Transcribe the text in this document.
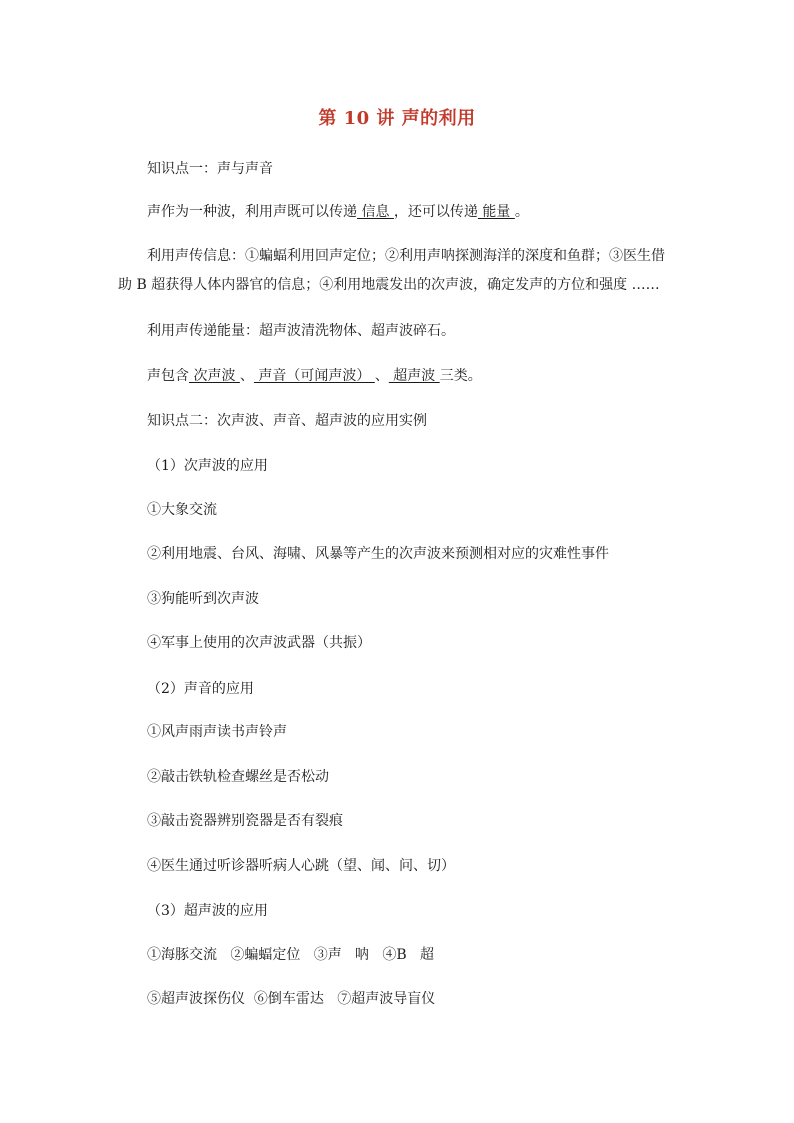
第 10 讲 声的利用
知识点一：声与声音
声作为一种波，利用声既可以传递 信息 ，还可以传递 能量 。
利用声传信息：①蝙蝠利用回声定位；②利用声呐探测海洋的深度和鱼群；③医生借助 B 超获得人体内器官的信息；④利用地震发出的次声波，确定发声的方位和强度 ……
利用声传递能量：超声波清洗物体、超声波碎石。
声包含 次声波 、 声音（可闻声波） 、 超声波 三类。
知识点二：次声波、声音、超声波的应用实例
（1）次声波的应用
①大象交流
②利用地震、台风、海啸、风暴等产生的次声波来预测相对应的灾难性事件
③狗能听到次声波
④军事上使用的次声波武器（共振）
（2）声音的应用
①风声雨声读书声铃声
②敲击铁轨检查螺丝是否松动
③敲击瓷器辨别瓷器是否有裂痕
④医生通过听诊器听病人心跳（望、闻、问、切）
（3）超声波的应用
①海豚交流   ②蝙蝠定位   ③声   呐   ④B   超
⑤超声波探伤仪  ⑥倒车雷达   ⑦超声波导盲仪
